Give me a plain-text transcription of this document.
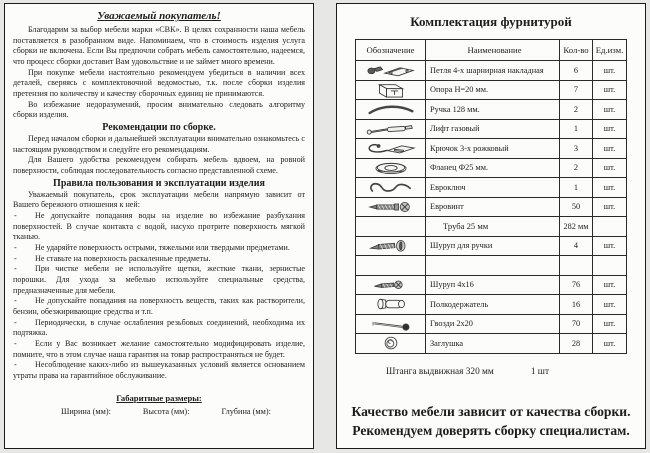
Уважаемый покупатель!

Благодарим за выбор мебели марки «СВК». В целях сохранности наша мебель поставляется в разобранном виде. Напоминаем, что в стоимость изделия услуга сборки не включена. Если Вы предпочли собрать мебель самостоятельно, надеемся, что процесс сборки доставит Вам удовольствие и не займет много времени.

При покупке мебели настоятельно рекомендуем убедиться в наличии всех деталей, сверяясь с комплектовочной ведомостью, т.к. после сборки изделия претензия по количеству и качеству сборочных единиц не принимаются.

Во избежание недоразумений, просим внимательно следовать алгоритму сборки изделия.

Рекомендации по сборке.

Перед началом сборки и дальнейшей эксплуатации внимательно ознакомьтесь с настоящим руководством и следуйте его рекомендациям.

Для Вашего удобства рекомендуем собирать мебель вдвоем, на ровной поверхности, соблюдая последовательность согласно представленной схеме.

Правила пользования и эксплуатации изделия

Уважаемый покупатель, срок эксплуатации мебели напрямую зависит от Вашего бережного отношения к ней:

- Не допускайте попадания воды на изделие во избежание разбухания поверхностей. В случае контакта с водой, насухо протрите поверхность мягкой тканью.

- Не ударяйте поверхность острыми, тяжелыми или твердыми предметами.

- Не ставьте на поверхность раскаленные предметы.

- При чистке мебели не используйте щетки, жесткие ткани, зернистые порошки. Для ухода за мебелью используйте специальные средства, предназначенные для мебели.

- Не допускайте попадания на поверхность веществ, таких как растворители, бензин, обезжиривающие средства и т.п.

- Периодически, в случае ослабления резьбовых соединений, необходима их подтяжка.

- Если у Вас возникает желание самостоятельно модифицировать изделие, помните, что в этом случае наша гарантия на товар распространяться не будет.

- Несоблюдение каких-либо из вышеуказанных условий является основанием утраты права на гарантийное обслуживание.

Габаритные размеры:
Ширина (мм):	Высота (мм):	Глубина (мм):
Комплектация фурнитурой
Обозначение	Наименование	Кол-во	Ед.изм.
	Петля 4-х шарнирная накладная	6	шт.
	Опора Н=20 мм.	7	шт.
	Ручка 128 мм.	2	шт.
	Лифт газовый	1	шт.
	Крючок 3-х рожковый	3	шт.
	Фланец Ф25 мм.	2	шт.
	Евроключ	1	шт.
	Евровинт	50	шт.
	Труба 25 мм	282 мм	
	Шуруп для ручки	4	шт.

	Шуруп 4х16	76	шт.
	Полкодержатель	16	шт.
	Гвозди 2х20	70	шт.
	Заглушка	28	шт.
Штанга выдвижная 320 мм	1 шт
Качество мебели зависит от качества сборки.
Рекомендуем доверять сборку специалистам.
